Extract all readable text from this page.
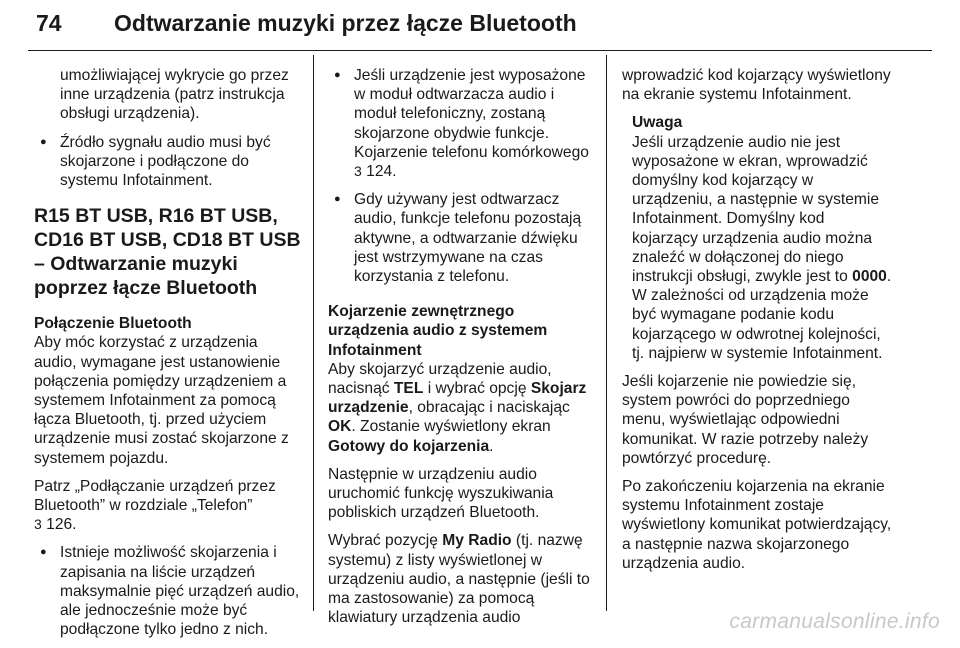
74 Odtwarzanie muzyki przez łącze Bluetooth

umożliwiającej wykrycie go przez inne urządzenia (patrz instrukcja obsługi urządzenia).

● Źródło sygnału audio musi być skojarzone i podłączone do systemu Infotainment.

R15 BT USB, R16 BT USB, CD16 BT USB, CD18 BT USB – Odtwarzanie muzyki poprzez łącze Bluetooth

Połączenie Bluetooth
Aby móc korzystać z urządzenia audio, wymagane jest ustanowienie połączenia pomiędzy urządzeniem a systemem Infotainment za pomocą łącza Bluetooth, tj. przed użyciem urządzenie musi zostać skojarzone z systemem pojazdu.

Patrz „Podłączanie urządzeń przez Bluetooth” w rozdziale „Telefon”
3 126.

● Istnieje możliwość skojarzenia i zapisania na liście urządzeń maksymalnie pięć urządzeń audio, ale jednocześnie może być podłączone tylko jedno z nich.

● Jeśli urządzenie jest wyposażone w moduł odtwarzacza audio i moduł telefoniczny, zostaną skojarzone obydwie funkcje. Kojarzenie telefonu komórkowego 3 124.

● Gdy używany jest odtwarzacz audio, funkcje telefonu pozostają aktywne, a odtwarzanie dźwięku jest wstrzymywane na czas korzystania z telefonu.

Kojarzenie zewnętrznego urządzenia audio z systemem Infotainment
Aby skojarzyć urządzenie audio, nacisnąć TEL i wybrać opcję Skojarz urządzenie, obracając i naciskając OK. Zostanie wyświetlony ekran Gotowy do kojarzenia.

Następnie w urządzeniu audio uruchomić funkcję wyszukiwania pobliskich urządzeń Bluetooth.

Wybrać pozycję My Radio (tj. nazwę systemu) z listy wyświetlonej w urządzeniu audio, a następnie (jeśli to ma zastosowanie) za pomocą klawiatury urządzenia audio

wprowadzić kod kojarzący wyświetlony na ekranie systemu Infotainment.

Uwaga
Jeśli urządzenie audio nie jest wyposażone w ekran, wprowadzić domyślny kod kojarzący w urządzeniu, a następnie w systemie Infotainment. Domyślny kod kojarzący urządzenia audio można znaleźć w dołączonej do niego instrukcji obsługi, zwykle jest to 0000. W zależności od urządzenia może być wymagane podanie kodu kojarzącego w odwrotnej kolejności, tj. najpierw w systemie Infotainment.

Jeśli kojarzenie nie powiedzie się, system powróci do poprzedniego menu, wyświetlając odpowiedni komunikat. W razie potrzeby należy powtórzyć procedurę.

Po zakończeniu kojarzenia na ekranie systemu Infotainment zostaje wyświetlony komunikat potwierdzający, a następnie nazwa skojarzonego urządzenia audio.

carmanualsonline.info
